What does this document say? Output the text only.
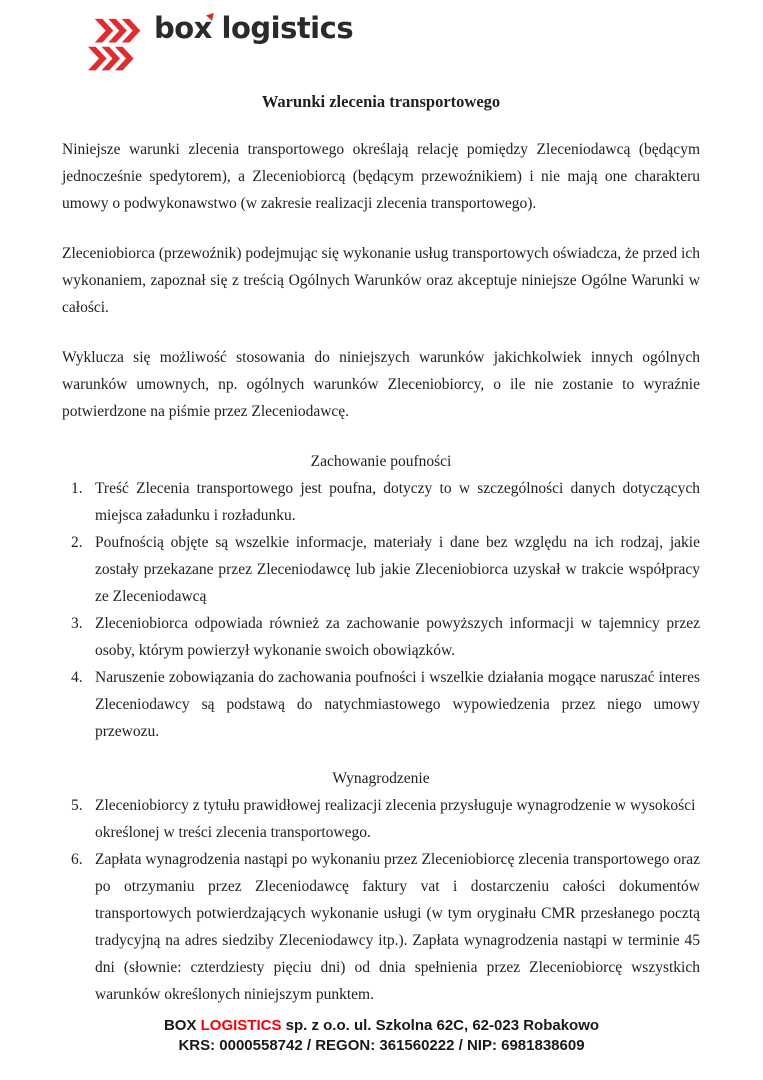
box logistics
Warunki zlecenia transportowego

Niniejsze warunki zlecenia transportowego określają relację pomiędzy Zleceniodawcą (będącym jednocześnie spedytorem), a Zleceniobiorcą (będącym przewoźnikiem) i nie mają one charakteru umowy o podwykonawstwo (w zakresie realizacji zlecenia transportowego).

Zleceniobiorca (przewoźnik) podejmując się wykonanie usług transportowych oświadcza, że przed ich wykonaniem, zapoznał się z treścią Ogólnych Warunków oraz akceptuje niniejsze Ogólne Warunki w całości.

Wyklucza się możliwość stosowania do niniejszych warunków jakichkolwiek innych ogólnych warunków umownych, np. ogólnych warunków Zleceniobiorcy, o ile nie zostanie to wyraźnie potwierdzone na piśmie przez Zleceniodawcę.

Zachowanie poufności
1. Treść Zlecenia transportowego jest poufna, dotyczy to w szczególności danych dotyczących miejsca załadunku i rozładunku.
2. Poufnością objęte są wszelkie informacje, materiały i dane bez względu na ich rodzaj, jakie zostały przekazane przez Zleceniodawcę lub jakie Zleceniobiorca uzyskał w trakcie współpracy ze Zleceniodawcą
3. Zleceniobiorca odpowiada również za zachowanie powyższych informacji w tajemnicy przez osoby, którym powierzył wykonanie swoich obowiązków.
4. Naruszenie zobowiązania do zachowania poufności i wszelkie działania mogące naruszać interes Zleceniodawcy są podstawą do natychmiastowego wypowiedzenia przez niego umowy przewozu.
Wynagrodzenie
5. Zleceniobiorcy z tytułu prawidłowej realizacji zlecenia przysługuje wynagrodzenie w wysokości określonej w treści zlecenia transportowego.
6. Zapłata wynagrodzenia nastąpi po wykonaniu przez Zleceniobiorcę zlecenia transportowego oraz po otrzymaniu przez Zleceniodawcę faktury vat i dostarczeniu całości dokumentów transportowych potwierdzających wykonanie usługi (w tym oryginału CMR przesłanego pocztą tradycyjną na adres siedziby Zleceniodawcy itp.). Zapłata wynagrodzenia nastąpi w terminie 45 dni (słownie: czterdziesty pięciu dni) od dnia spełnienia przez Zleceniobiorcę wszystkich warunków określonych niniejszym punktem.
BOX LOGISTICS sp. z o.o. ul. Szkolna 62C, 62-023 Robakowo
KRS: 0000558742 / REGON: 361560222 / NIP: 6981838609
